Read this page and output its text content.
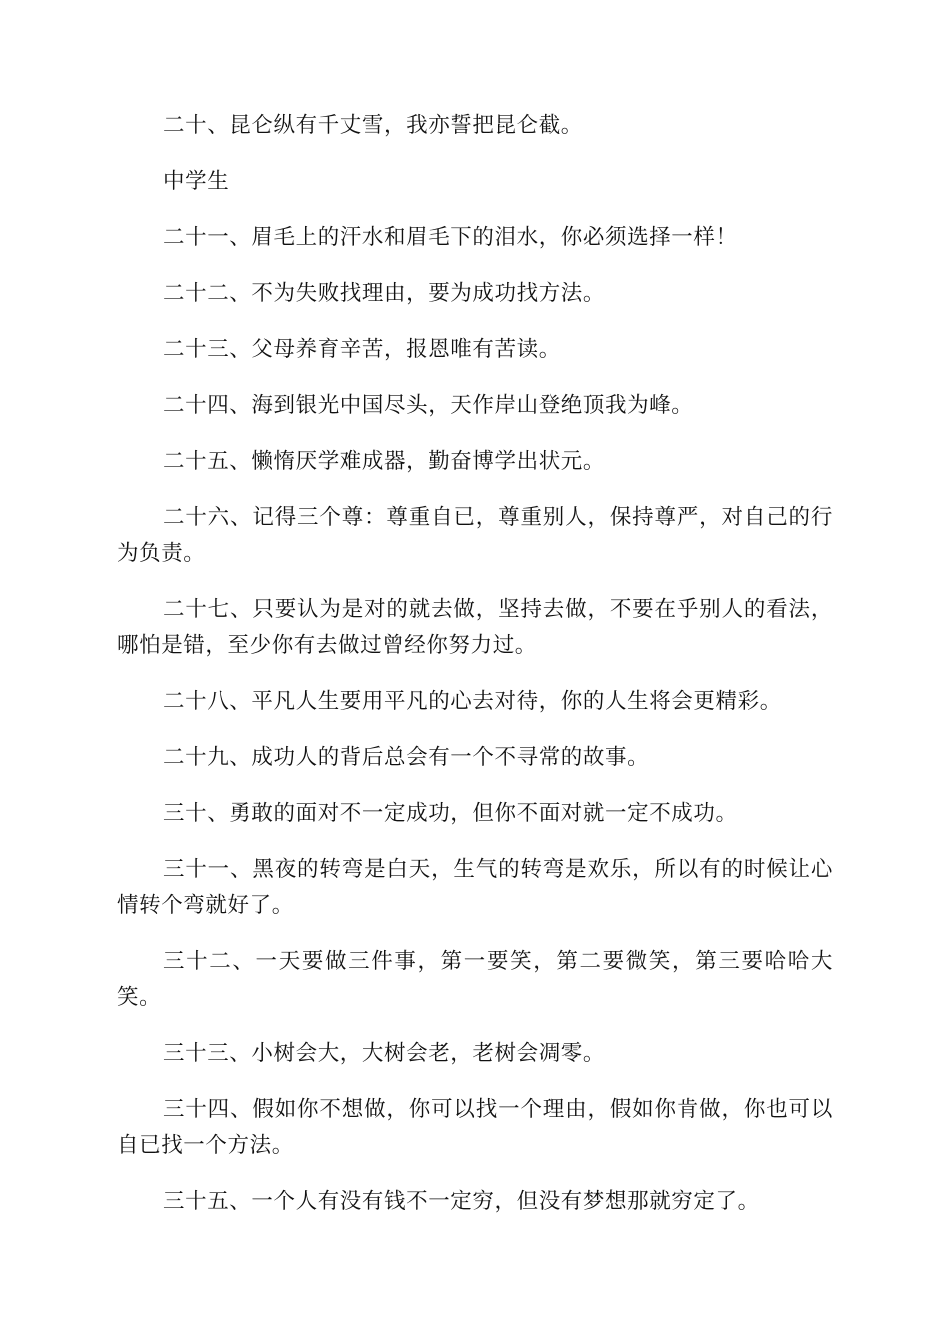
二十、昆仑纵有千丈雪，我亦誓把昆仑截。

中学生

二十一、眉毛上的汗水和眉毛下的泪水，你必须选择一样！

二十二、不为失败找理由，要为成功找方法。

二十三、父母养育辛苦，报恩唯有苦读。

二十四、海到银光中国尽头，天作岸山登绝顶我为峰。

二十五、懒惰厌学难成器，勤奋博学出状元。

二十六、记得三个尊：尊重自已，尊重别人，保持尊严，对自己的行为负责。

二十七、只要认为是对的就去做，坚持去做，不要在乎别人的看法，哪怕是错，至少你有去做过曾经你努力过。

二十八、平凡人生要用平凡的心去对待，你的人生将会更精彩。

二十九、成功人的背后总会有一个不寻常的故事。

三十、勇敢的面对不一定成功，但你不面对就一定不成功。

三十一、黑夜的转弯是白天，生气的转弯是欢乐，所以有的时候让心情转个弯就好了。

三十二、一天要做三件事，第一要笑，第二要微笑，第三要哈哈大笑。

三十三、小树会大，大树会老，老树会凋零。

三十四、假如你不想做，你可以找一个理由，假如你肯做，你也可以自已找一个方法。

三十五、一个人有没有钱不一定穷，但没有梦想那就穷定了。
